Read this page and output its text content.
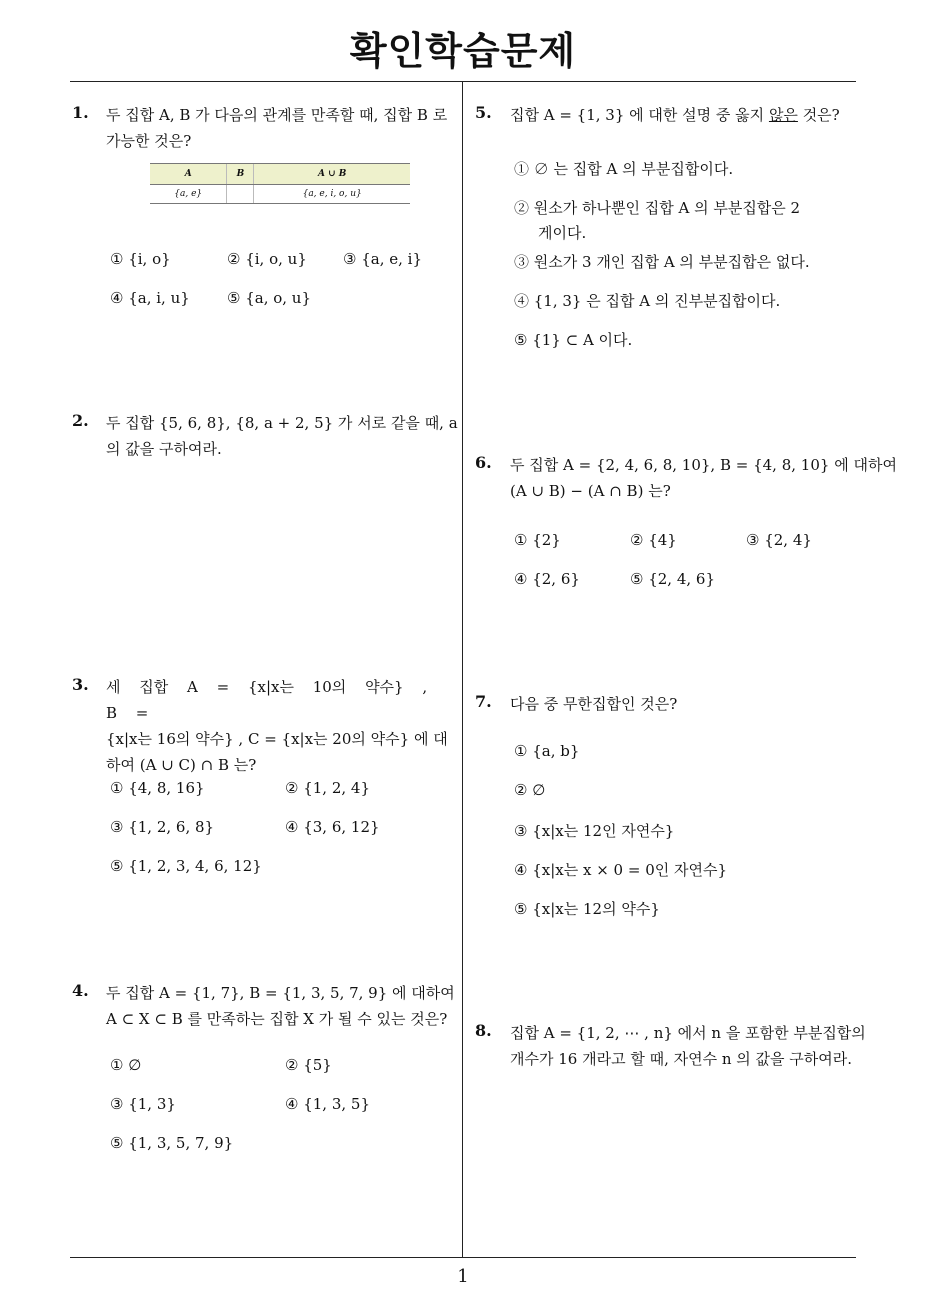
확인학습문제
1
1. 두 집합 A, B 가 다음의 관계를 만족할 때, 집합 B 로
가능한 것은?
A	B	A ∪ B
{a, e}		{a, e, i, o, u}
① {i, o}	② {i, o, u} ③ {a, e, i}
④ {a, i, u} ⑤ {a, o, u}
2. 두 집합 {5, 6, 8}, {8, a + 2, 5} 가 서로 같을 때, a
의 값을 구하여라.
3. 세 집합 A = {x|x는 10의 약수} , B =
{x|x는 16의 약수} , C = {x|x는 20의 약수} 에 대
하여 (A ∪ C) ∩ B 는?
① {4, 8, 16}	② {1, 2, 4}
③ {1, 2, 6, 8}	④ {3, 6, 12}
⑤ {1, 2, 3, 4, 6, 12}
4. 두 집합 A = {1, 7}, B = {1, 3, 5, 7, 9} 에 대하여
A ⊂ X ⊂ B 를 만족하는 집합 X 가 될 수 있는 것은?
① ∅	② {5}
③ {1, 3}	④ {1, 3, 5}
⑤ {1, 3, 5, 7, 9}
5. 집합 A = {1, 3} 에 대한 설명 중 옳지 않은 것은?
① ∅ 는 집합 A 의 부분집합이다.
② 원소가 하나뿐인 집합 A 의 부분집합은 2
게이다.
③ 원소가 3 개인 집합 A 의 부분집합은 없다.
④ {1, 3} 은 집합 A 의 진부분집합이다.
⑤ {1} ⊂ A 이다.
6. 두 집합 A = {2, 4, 6, 8, 10}, B = {4, 8, 10} 에 대하여
(A ∪ B) − (A ∩ B) 는?
① {2}	② {4}	③ {2, 4}
④ {2, 6}	⑤ {2, 4, 6}
7. 다음 중 무한집합인 것은?
① {a, b}
② ∅
③ {x|x는 12인 자연수}
④ {x|x는 x × 0 = 0인 자연수}
⑤ {x|x는 12의 약수}
8. 집합 A = {1, 2, ⋯ , n} 에서 n 을 포함한 부분집합의
개수가 16 개라고 할 때, 자연수 n 의 값을 구하여라.
